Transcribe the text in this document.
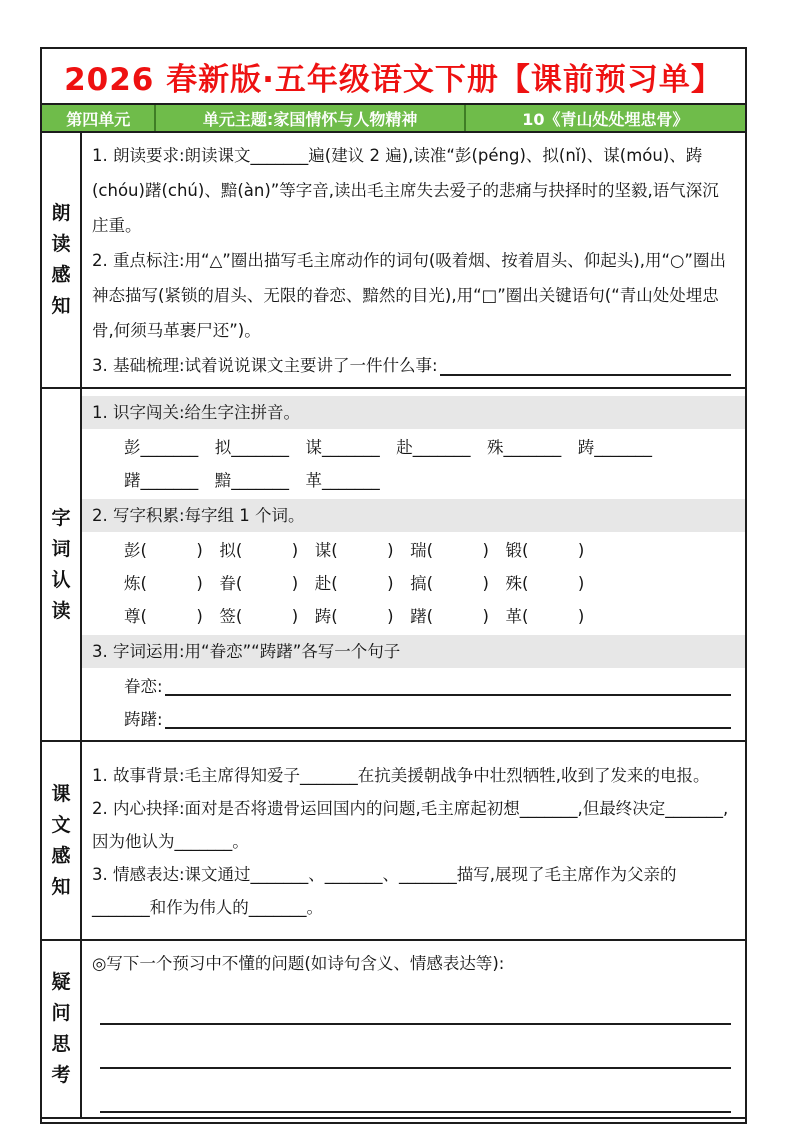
2026 春新版·五年级语文下册【课前预习单】
第四单元	单元主题:家国情怀与人物精神	10《青山处处埋忠骨》
朗读感知
1. 朗读要求:朗读课文_______遍(建议 2 遍),读准“彭(péng)、拟(nǐ)、谋(móu)、踌(chóu)躇(chú)、黯(àn)”等字音,读出毛主席失去爱子的悲痛与抉择时的坚毅,语气深沉庄重。
2. 重点标注:用“△”圈出描写毛主席动作的词句(吸着烟、按着眉头、仰起头),用“○”圈出神态描写(紧锁的眉头、无限的眷恋、黯然的目光),用“□”圈出关键语句(“青山处处埋忠骨,何须马革裹尸还”)。
3. 基础梳理:试着说说课文主要讲了一件什么事:
字词认读
1. 识字闯关:给生字注拼音。
彭_______　拟_______　谋_______　赴_______　殊_______　踌_______
躇_______　黯_______　革_______
2. 写字积累:每字组 1 个词。
彭(　　　)　拟(　　　)　谋(　　　)　瑞(　　　)　锻(　　　)
炼(　　　)　眷(　　　)　赴(　　　)　搞(　　　)　殊(　　　)
尊(　　　)　签(　　　)　踌(　　　)　躇(　　　)　革(　　　)
3. 字词运用:用“眷恋”“踌躇”各写一个句子
眷恋:
踌躇:
课文感知
1. 故事背景:毛主席得知爱子_______在抗美援朝战争中壮烈牺牲,收到了发来的电报。
2. 内心抉择:面对是否将遗骨运回国内的问题,毛主席起初想_______,但最终决定_______,因为他认为_______。
3. 情感表达:课文通过_______、_______、_______描写,展现了毛主席作为父亲的_______和作为伟人的_______。
疑问思考
◎写下一个预习中不懂的问题(如诗句含义、情感表达等):
